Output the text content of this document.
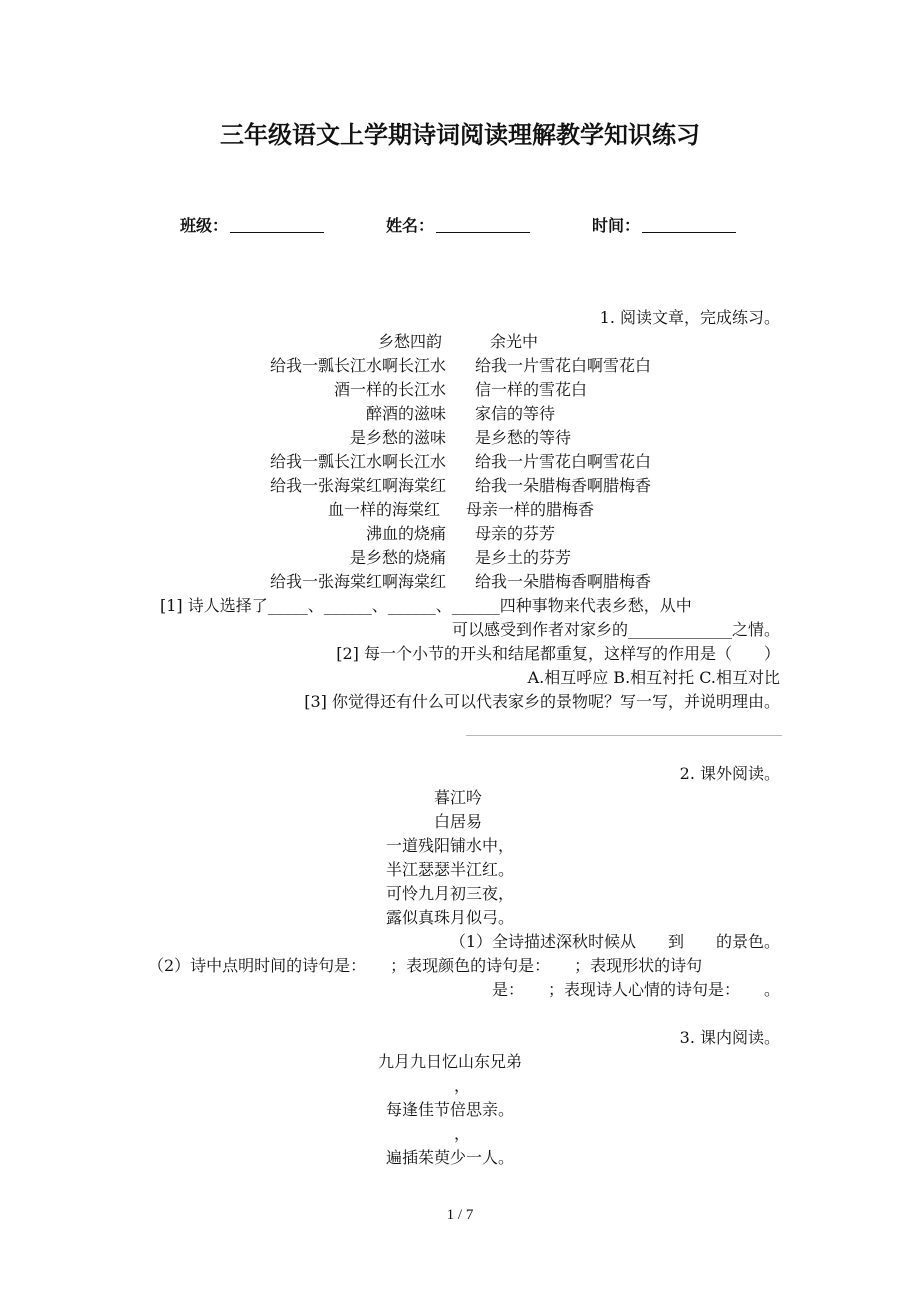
三年级语文上学期诗词阅读理解教学知识练习
班级：	姓名：	时间：
1. 阅读文章，完成练习。
乡愁四韵	余光中
给我一瓢长江水啊长江水 给我一片雪花白啊雪花白
酒一样的长江水 信一样的雪花白
醉酒的滋味 家信的等待
是乡愁的滋味 是乡愁的等待
给我一瓢长江水啊长江水 给我一片雪花白啊雪花白
给我一张海棠红啊海棠红 给我一朵腊梅香啊腊梅香
血一样的海棠红 母亲一样的腊梅香
沸血的烧痛 母亲的芬芳
是乡愁的烧痛 是乡土的芬芳
给我一张海棠红啊海棠红 给我一朵腊梅香啊腊梅香
[1] 诗人选择了_____、______、______、______四种事物来代表乡愁，从中
可以感受到作者对家乡的_____________之情。
[2] 每一个小节的开头和结尾都重复，这样写的作用是（　　）
A.相互呼应 B.相互衬托 C.相互对比
[3] 你觉得还有什么可以代表家乡的景物呢？写一写，并说明理由。
2. 课外阅读。
暮江吟
白居易
一道残阳铺水中，
半江瑟瑟半江红。
可怜九月初三夜，
露似真珠月似弓。
（1）全诗描述深秋时候从　　到　　的景色。
（2）诗中点明时间的诗句是：　　；表现颜色的诗句是：　　；表现形状的诗句
是：　　；表现诗人心情的诗句是：　　。
3. 课内阅读。
九月九日忆山东兄弟
，
每逢佳节倍思亲。
，
遍插茱萸少一人。
1 / 7
